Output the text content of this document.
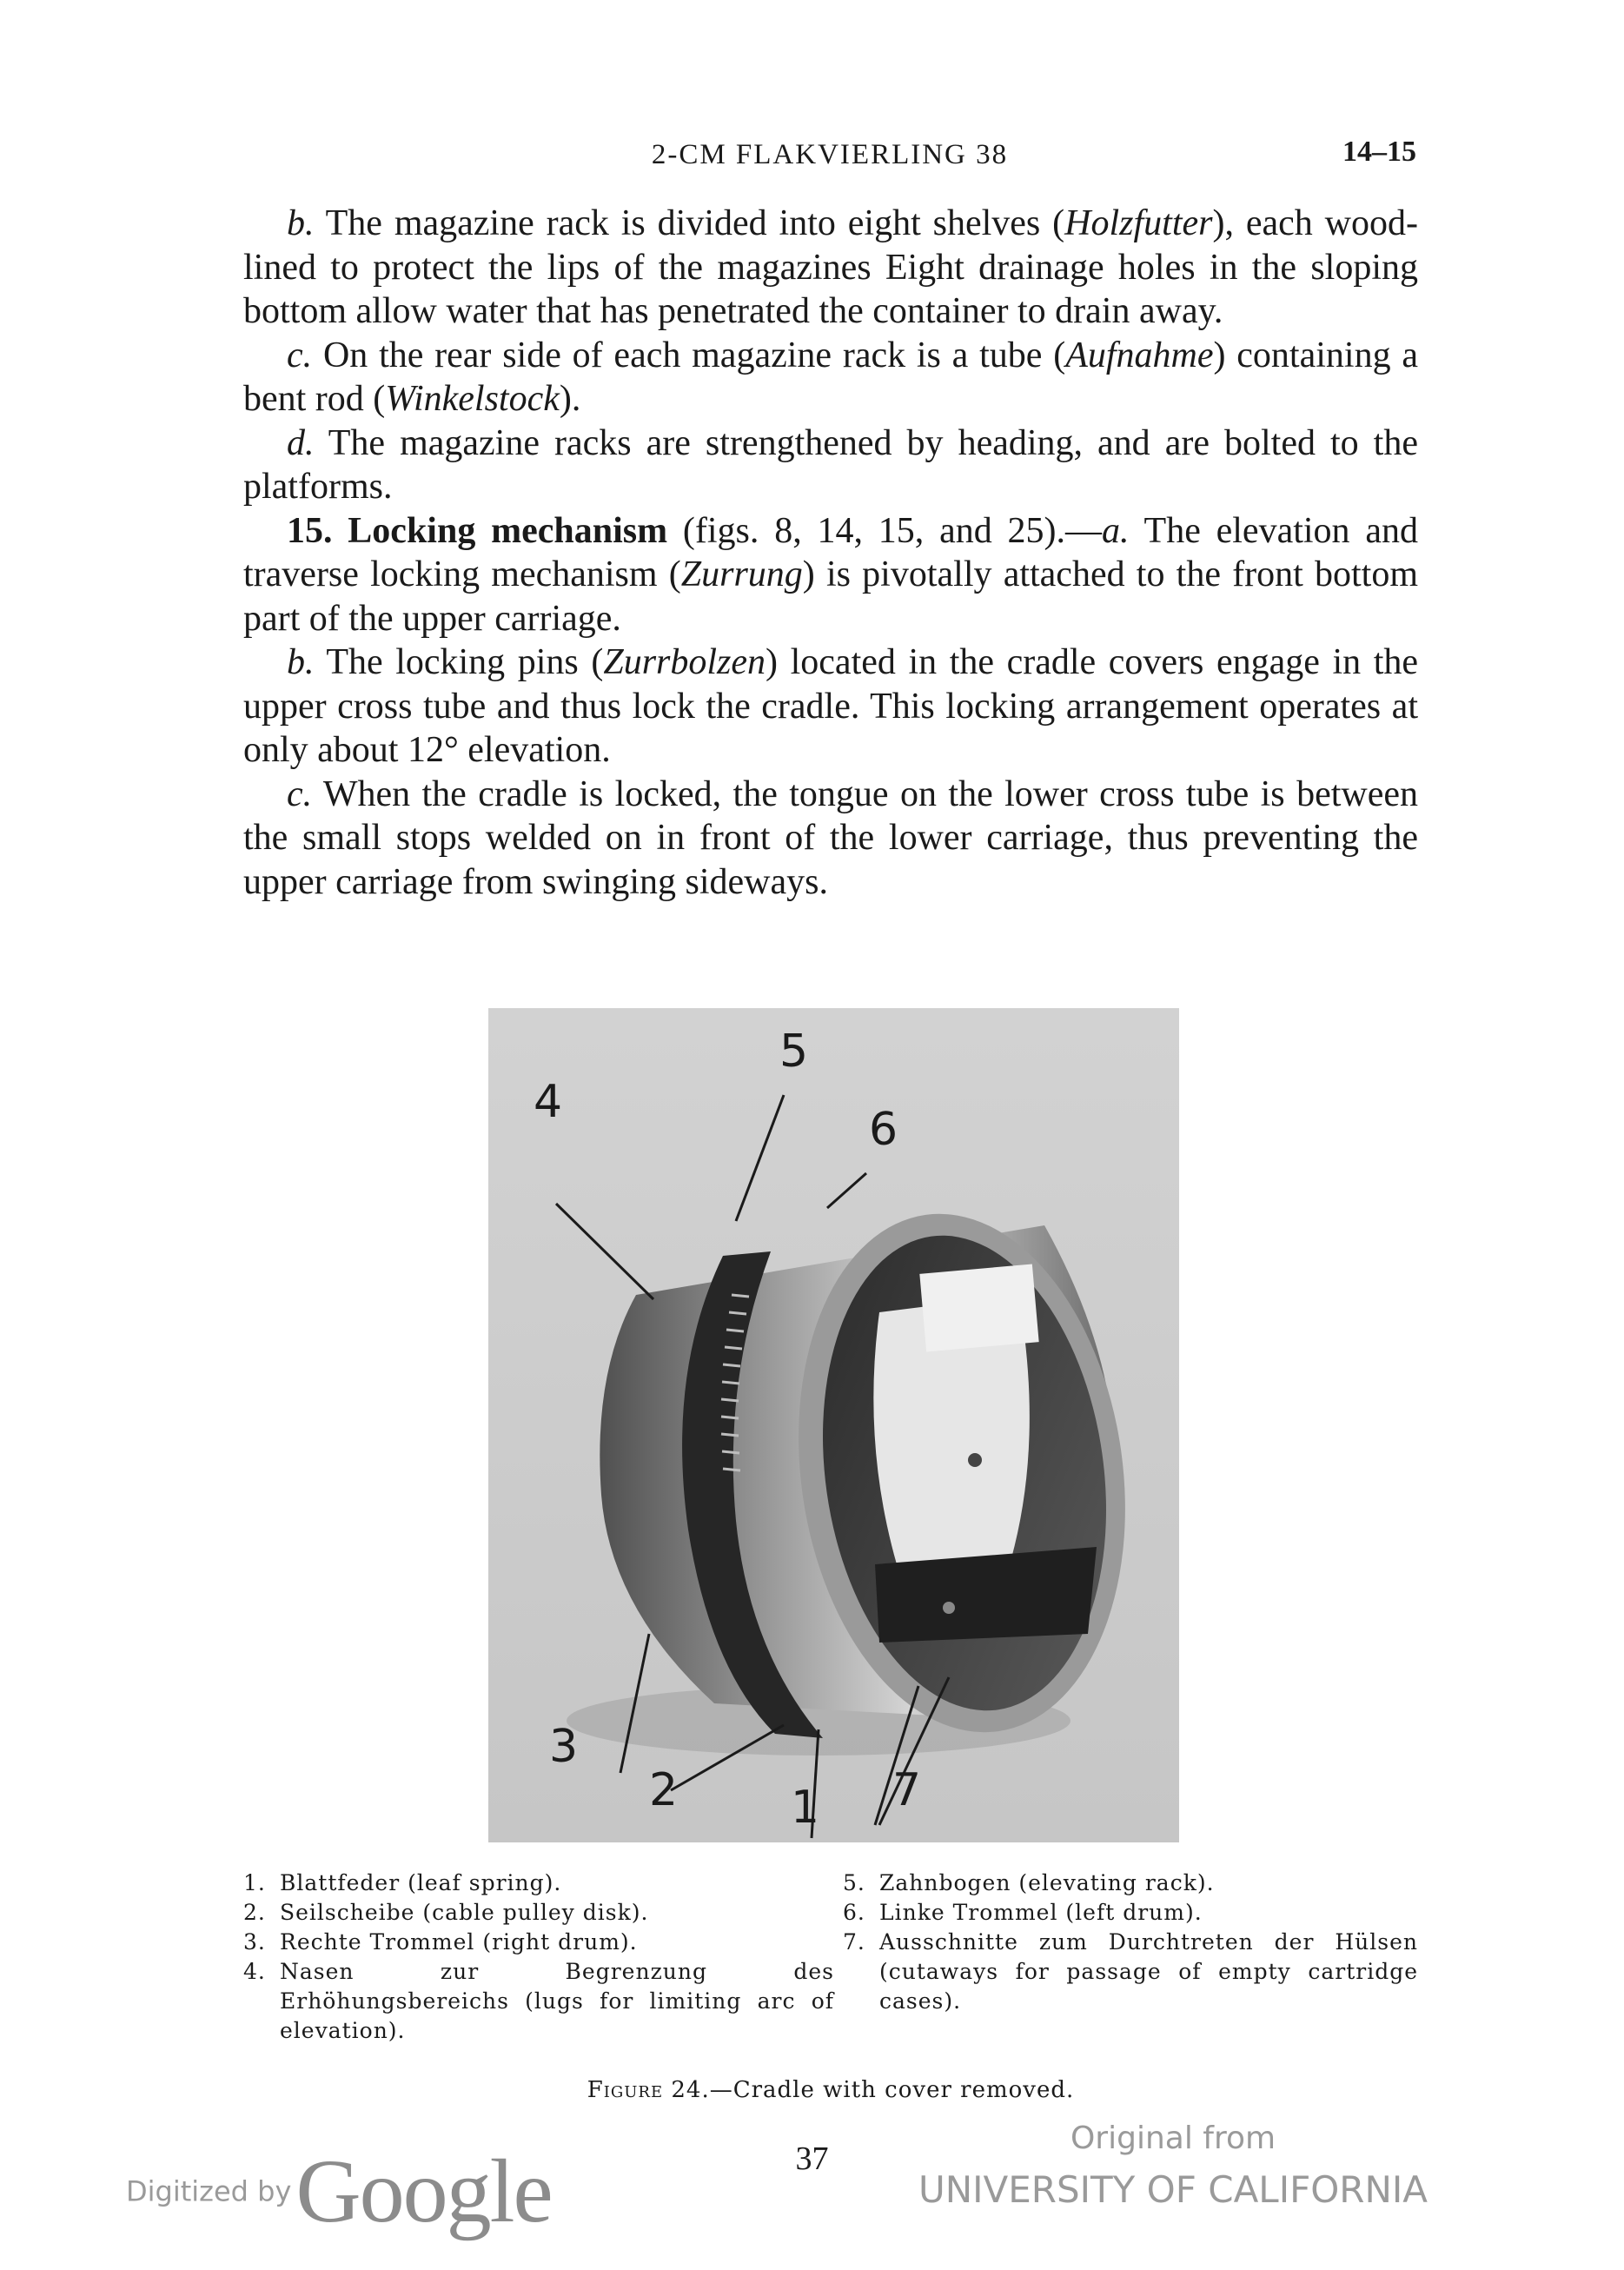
2-CM FLAKVIERLING 38	14–15

b. The magazine rack is divided into eight shelves (Holzfutter), each wood-lined to protect the lips of the magazines Eight drainage holes in the sloping bottom allow water that has penetrated the container to drain away.

c. On the rear side of each magazine rack is a tube (Aufnahme) containing a bent rod (Winkelstock).

d. The magazine racks are strengthened by heading, and are bolted to the platforms.

15. Locking mechanism (figs. 8, 14, 15, and 25).—a. The elevation and traverse locking mechanism (Zurrung) is pivotally attached to the front bottom part of the upper carriage.

b. The locking pins (Zurrbolzen) located in the cradle covers engage in the upper cross tube and thus lock the cradle. This locking arrangement operates at only about 12° elevation.

c. When the cradle is locked, the tongue on the lower cross tube is between the small stops welded on in front of the lower carriage, thus preventing the upper carriage from swinging sideways.

4
5
6
3
2 1 7
1. Blattfeder (leaf spring).
2. Seilscheibe (cable pulley disk).
3. Rechte Trommel (right drum).
4. Nasen zur Begrenzung des Erhöhungsbereichs (lugs for limiting arc of elevation).
5. Zahnbogen (elevating rack).
6. Linke Trommel (left drum).
7. Ausschnitte zum Durchtreten der Hülsen (cutaways for passage of empty cartridge cases).
Figure 24.—Cradle with cover removed.
37
Digitized by Google
Original from
UNIVERSITY OF CALIFORNIA
